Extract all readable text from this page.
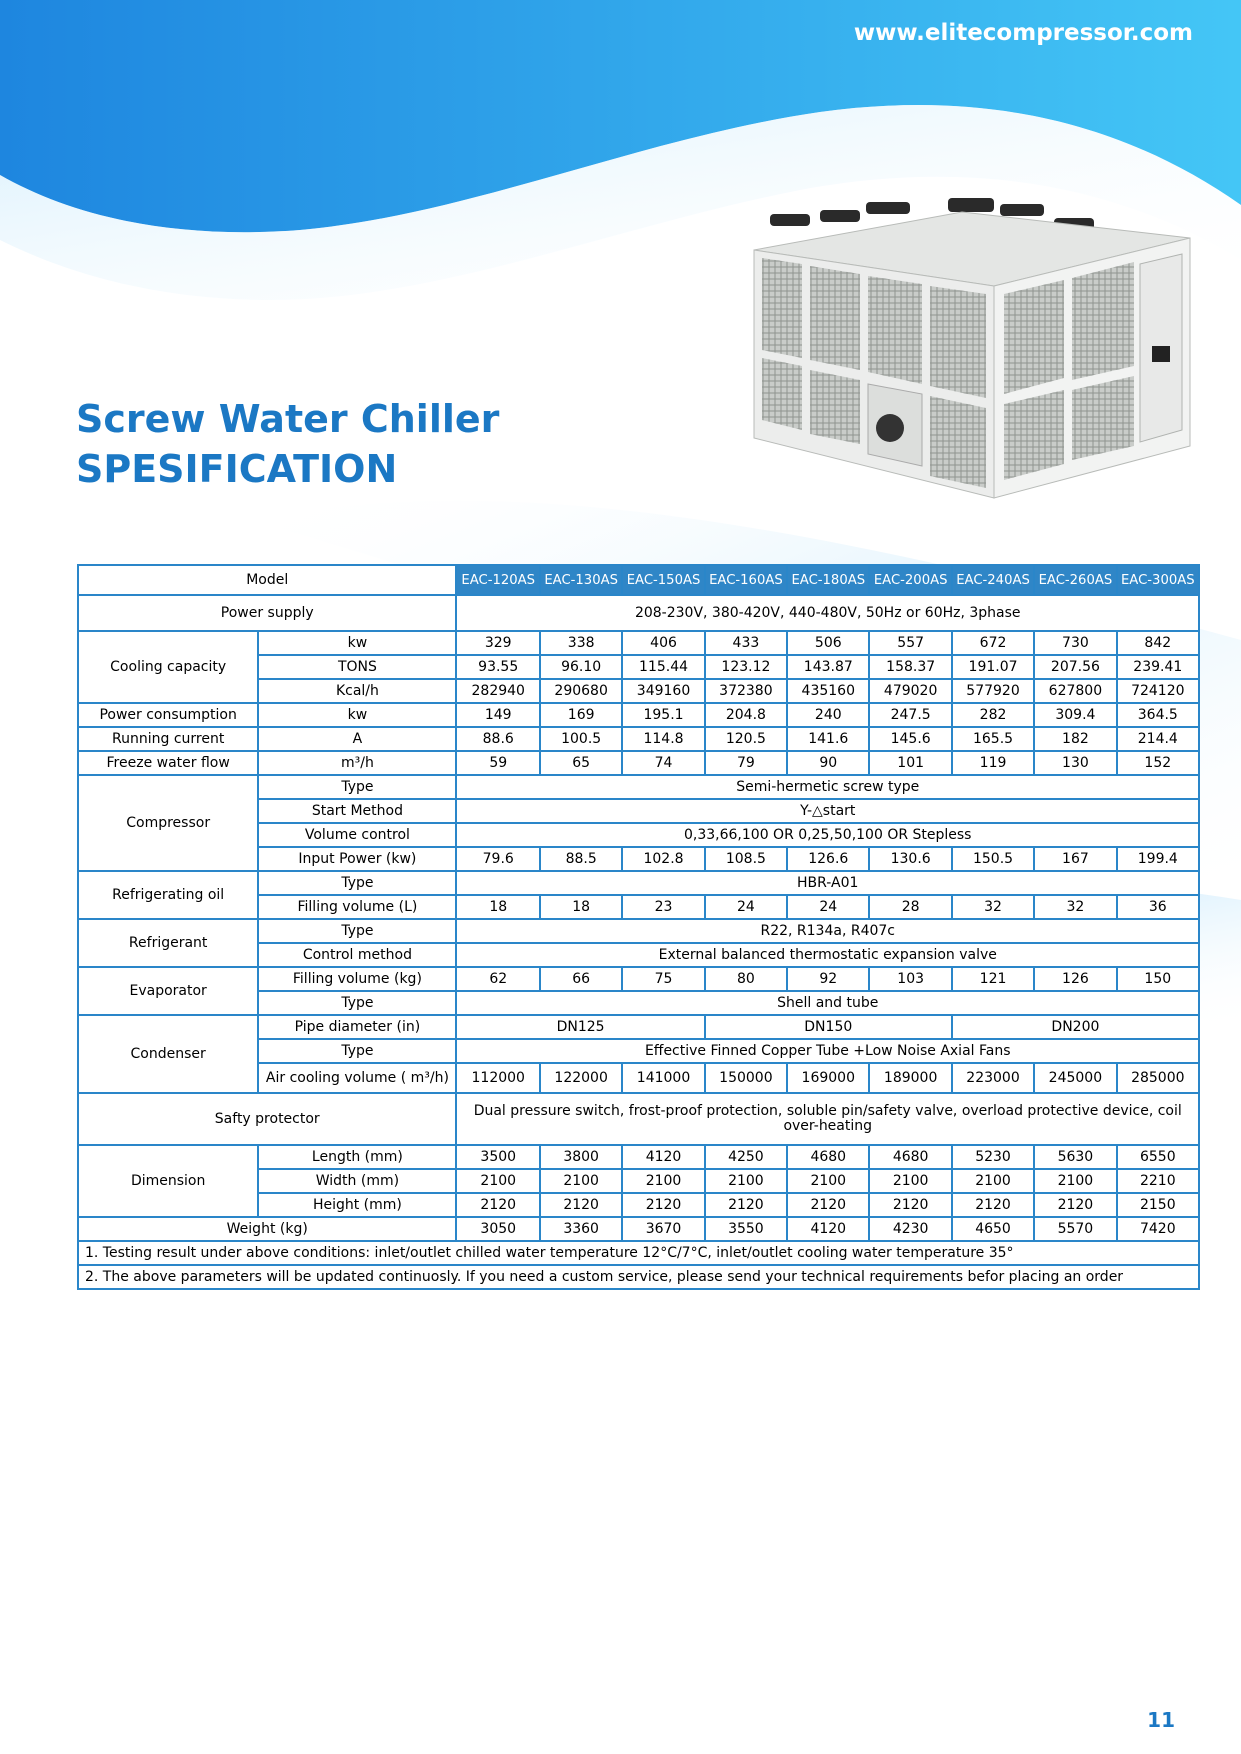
www.elitecompressor.com
Screw Water Chiller
SPESIFICATION
Model		EAC-120AS	EAC-130AS	EAC-150AS	EAC-160AS	EAC-180AS	EAC-200AS	EAC-240AS	EAC-260AS	EAC-300AS
Power supply		208-230V, 380-420V, 440-480V, 50Hz or 60Hz, 3phase								
Cooling capacity	kw	329	338	406	433	506	557	672	730	842
	TONS	93.55	96.10	115.44	123.12	143.87	158.37	191.07	207.56	239.41
	Kcal/h	282940	290680	349160	372380	435160	479020	577920	627800	724120
Power consumption	kw	149	169	195.1	204.8	240	247.5	282	309.4	364.5
Running current	A	88.6	100.5	114.8	120.5	141.6	145.6	165.5	182	214.4
Freeze water flow	m³/h	59	65	74	79	90	101	119	130	152
Compressor	Type	Semi-hermetic screw type								
	Start Method	Y-△start								
	Volume control	0,33,66,100 OR 0,25,50,100 OR Stepless								
	Input Power (kw)	79.6	88.5	102.8	108.5	126.6	130.6	150.5	167	199.4
Refrigerating oil	Type	HBR-A01								
	Filling volume (L)	18	18	23	24	24	28	32	32	36
Refrigerant	Type	R22, R134a, R407c								
	Control method	External balanced thermostatic expansion valve								
Evaporator	Filling volume (kg)	62	66	75	80	92	103	121	126	150
	Type	Shell and tube								
Condenser	Pipe diameter (in)	DN125			DN150			DN200		
	Type	Effective Finned Copper Tube +Low Noise Axial Fans								
	Air cooling volume ( m³/h)	112000	122000	141000	150000	169000	189000	223000	245000	285000
Safty protector		Dual pressure switch, frost-proof protection, soluble pin/safety valve, overload protective device, coil over-heating								
Dimension	Length (mm)	3500	3800	4120	4250	4680	4680	5230	5630	6550
	Width (mm)	2100	2100	2100	2100	2100	2100	2100	2100	2210
	Height (mm)	2120	2120	2120	2120	2120	2120	2120	2120	2150
Weight (kg)		3050	3360	3670	3550	4120	4230	4650	5570	7420
1. Testing result under above conditions: inlet/outlet chilled water temperature 12°C/7°C, inlet/outlet cooling water temperature 35°										
2. The above parameters will be updated continuosly. If you need a custom service, please send your technical requirements befor placing an order										
11
